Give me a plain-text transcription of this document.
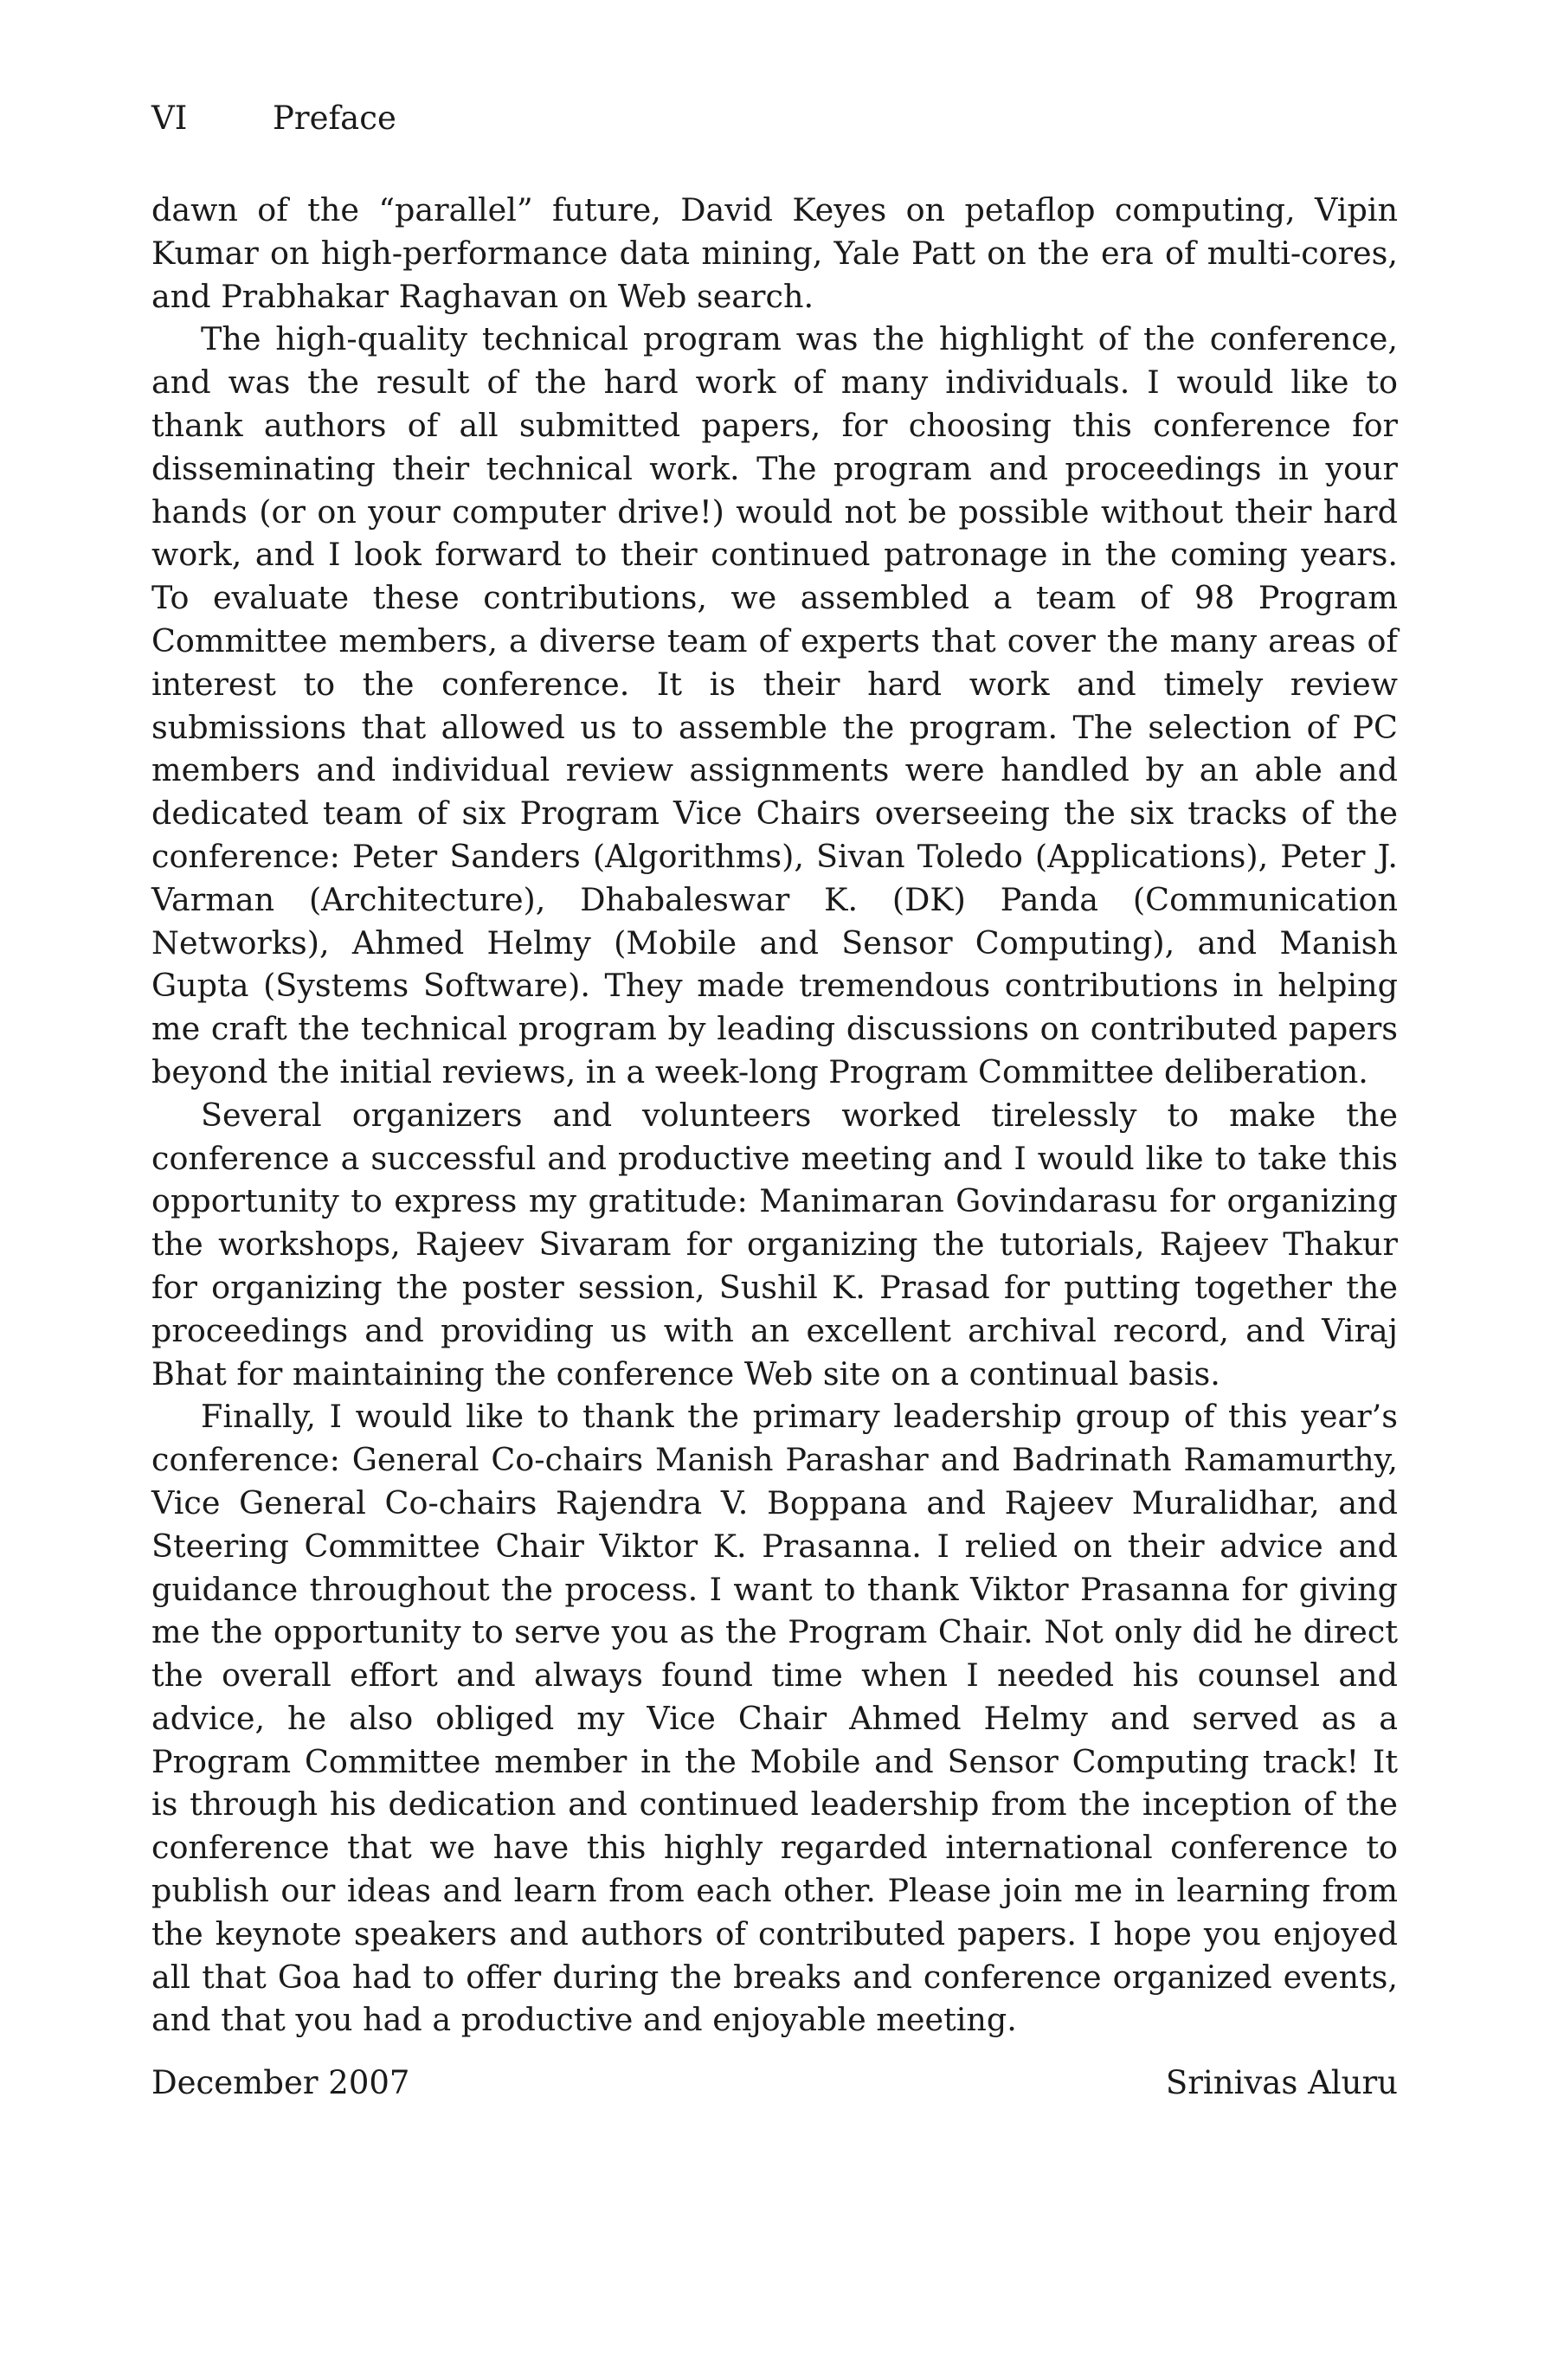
VI	Preface

dawn of the “parallel” future, David Keyes on petaflop computing, Vipin Kumar on high-performance data mining, Yale Patt on the era of multi-cores, and Prabhakar Raghavan on Web search.

The high-quality technical program was the highlight of the conference, and was the result of the hard work of many individuals. I would like to thank authors of all submitted papers, for choosing this conference for disseminating their technical work. The program and proceedings in your hands (or on your computer drive!) would not be possible without their hard work, and I look forward to their continued patronage in the coming years. To evaluate these contributions, we assembled a team of 98 Program Committee members, a diverse team of experts that cover the many areas of interest to the conference. It is their hard work and timely review submissions that allowed us to assemble the program. The selection of PC members and individual review assignments were handled by an able and dedicated team of six Program Vice Chairs overseeing the six tracks of the conference: Peter Sanders (Algorithms), Sivan Toledo (Applications), Peter J. Varman (Architecture), Dhabaleswar K. (DK) Panda (Communication Networks), Ahmed Helmy (Mobile and Sensor Computing), and Manish Gupta (Systems Software). They made tremendous contributions in helping me craft the technical program by leading discussions on contributed papers beyond the initial reviews, in a week-long Program Committee deliberation.

Several organizers and volunteers worked tirelessly to make the conference a successful and productive meeting and I would like to take this opportunity to express my gratitude: Manimaran Govindarasu for organizing the workshops, Rajeev Sivaram for organizing the tutorials, Rajeev Thakur for organizing the poster session, Sushil K. Prasad for putting together the proceedings and providing us with an excellent archival record, and Viraj Bhat for maintaining the conference Web site on a continual basis.

Finally, I would like to thank the primary leadership group of this year’s conference: General Co-chairs Manish Parashar and Badrinath Ramamurthy, Vice General Co-chairs Rajendra V. Boppana and Rajeev Muralidhar, and Steering Committee Chair Viktor K. Prasanna. I relied on their advice and guidance throughout the process. I want to thank Viktor Prasanna for giving me the opportunity to serve you as the Program Chair. Not only did he direct the overall effort and always found time when I needed his counsel and advice, he also obliged my Vice Chair Ahmed Helmy and served as a Program Committee member in the Mobile and Sensor Computing track! It is through his dedication and continued leadership from the inception of the conference that we have this highly regarded international conference to publish our ideas and learn from each other. Please join me in learning from the keynote speakers and authors of contributed papers. I hope you enjoyed all that Goa had to offer during the breaks and conference organized events, and that you had a productive and enjoyable meeting.

December 2007	Srinivas Aluru
